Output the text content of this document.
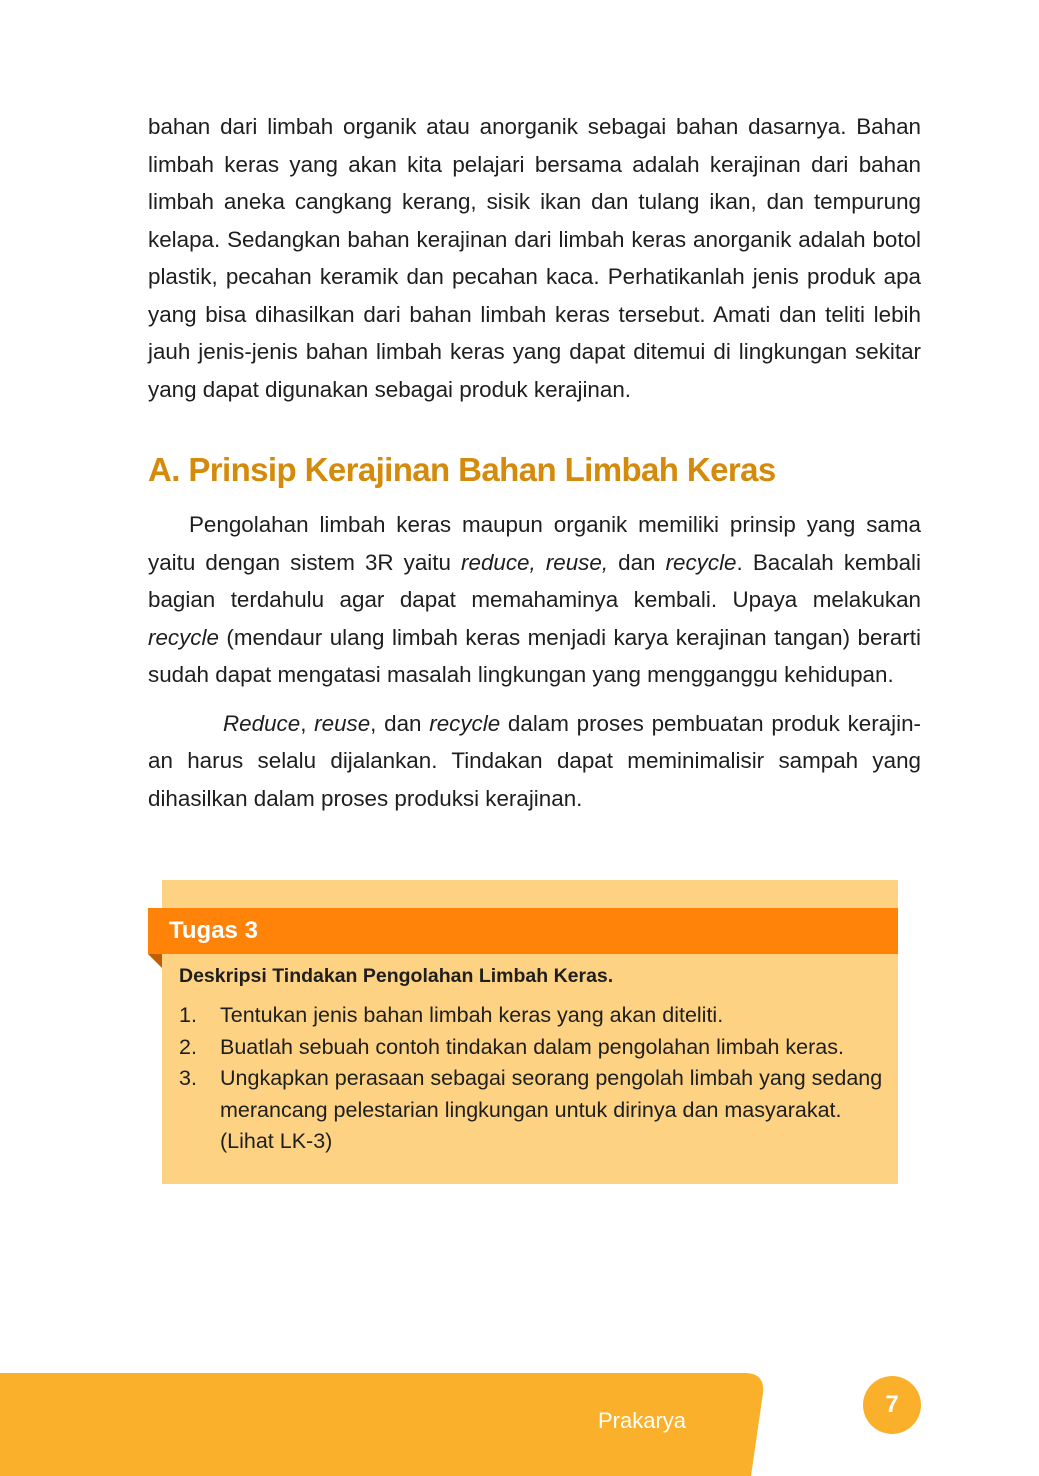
bahan dari limbah organik atau anorganik sebagai bahan dasarnya. Bahan limbah keras yang akan kita pelajari bersama adalah kerajinan dari bahan limbah aneka cangkang kerang, sisik ikan dan tulang ikan, dan tempurung kelapa. Sedangkan bahan kerajinan dari limbah keras anorganik adalah botol plastik, pecahan keramik dan pecahan kaca. Perhatikanlah jenis produk apa yang bisa dihasilkan dari bahan limbah keras tersebut. Amati dan teliti lebih jauh jenis-jenis bahan limbah keras yang dapat ditemui di lingkungan sekitar yang dapat digunakan sebagai produk kerajinan.

A. Prinsip Kerajinan Bahan Limbah Keras

Pengolahan limbah keras maupun organik memiliki prinsip yang sama yaitu dengan sistem 3R yaitu reduce, reuse, dan recycle. Bacalah kembali bagian terdahulu agar dapat memahaminya kembali. Upaya melakukan recycle (mendaur ulang limbah keras menjadi karya kerajinan tangan) berarti sudah dapat mengatasi masalah lingkungan yang mengganggu kehidupan.

Reduce, reuse, dan recycle dalam proses pembuatan produk kerajin-an harus selalu dijalankan. Tindakan dapat meminimalisir sampah yang dihasilkan dalam proses produksi kerajinan.

Tugas 3
Deskripsi Tindakan Pengolahan Limbah Keras.
1.	Tentukan jenis bahan limbah keras yang akan diteliti.
2.	Buatlah sebuah contoh tindakan dalam pengolahan limbah keras.
3.	Ungkapkan perasaan sebagai seorang pengolah limbah yang sedang merancang pelestarian lingkungan untuk dirinya dan masyarakat. (Lihat LK-3)
Prakarya
7
